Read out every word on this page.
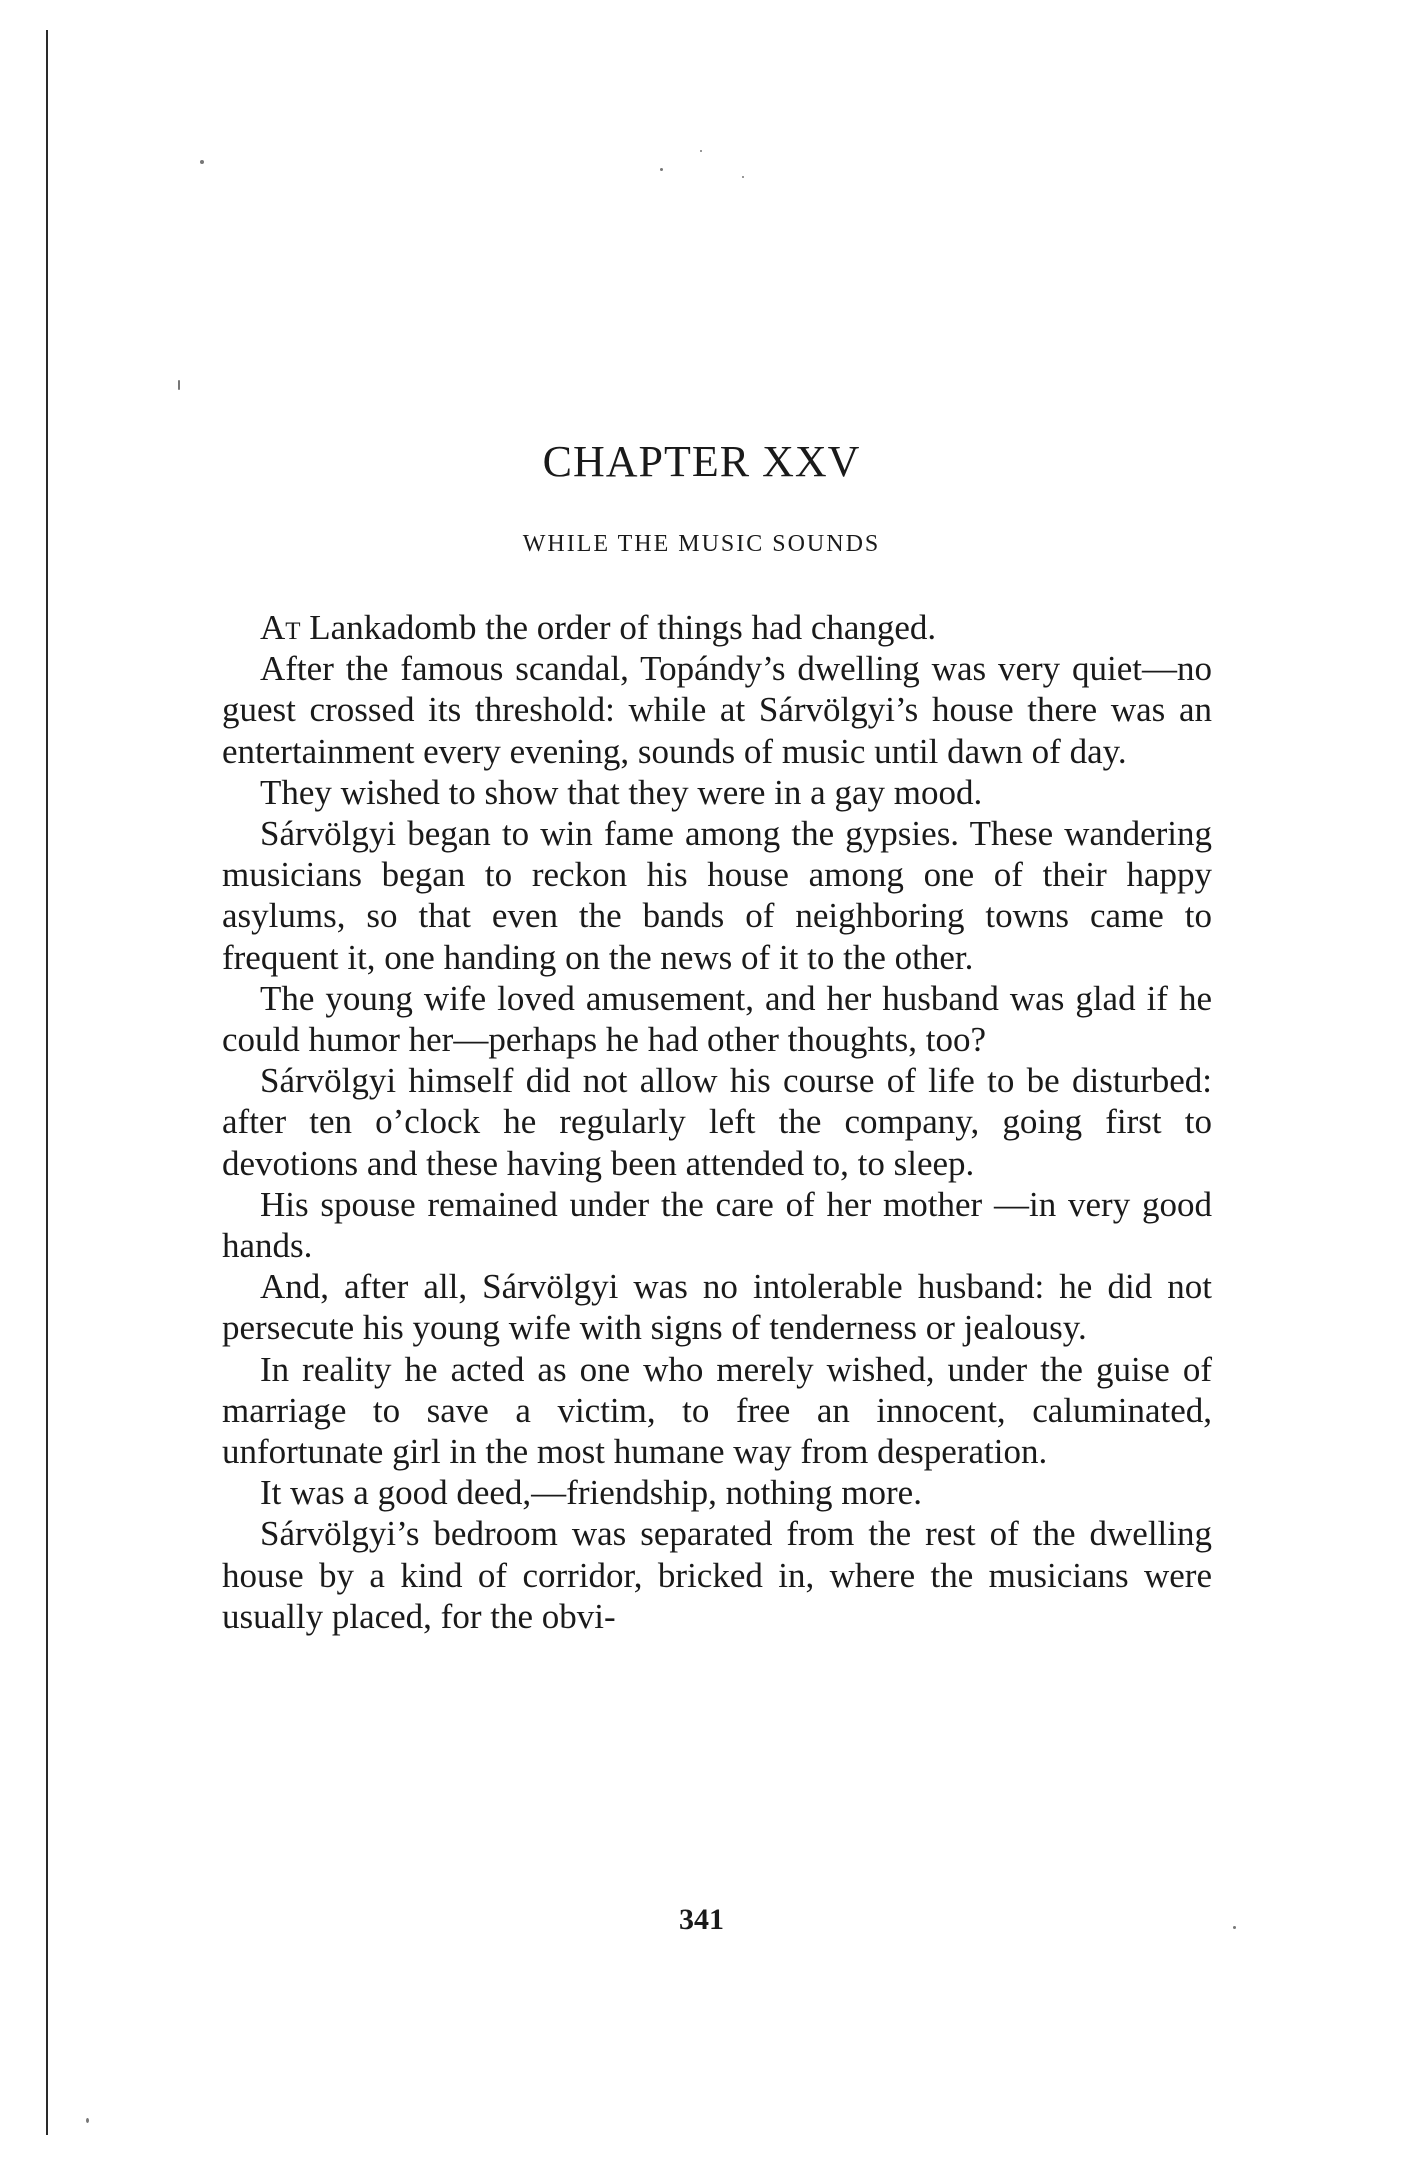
CHAPTER XXV
WHILE THE MUSIC SOUNDS

At Lankadomb the order of things had changed.

After the famous scandal, Topándy’s dwelling was very quiet—no guest crossed its threshold: while at Sárvölgyi’s house there was an entertainment every evening, sounds of music until dawn of day.

They wished to show that they were in a gay mood.

Sárvölgyi began to win fame among the gypsies. These wandering musicians began to reckon his house among one of their happy asylums, so that even the bands of neighboring towns came to frequent it, one handing on the news of it to the other.

The young wife loved amusement, and her husband was glad if he could humor her—perhaps he had other thoughts, too?

Sárvölgyi himself did not allow his course of life to be disturbed: after ten o’clock he regularly left the company, going first to devotions and these having been attended to, to sleep.

His spouse remained under the care of her mother —in very good hands.

And, after all, Sárvölgyi was no intolerable husband: he did not persecute his young wife with signs of tenderness or jealousy.

In reality he acted as one who merely wished, under the guise of marriage to save a victim, to free an innocent, caluminated, unfortunate girl in the most humane way from desperation.

It was a good deed,—friendship, nothing more.

Sárvölgyi’s bedroom was separated from the rest of the dwelling house by a kind of corridor, bricked in, where the musicians were usually placed, for the obvi-

341
